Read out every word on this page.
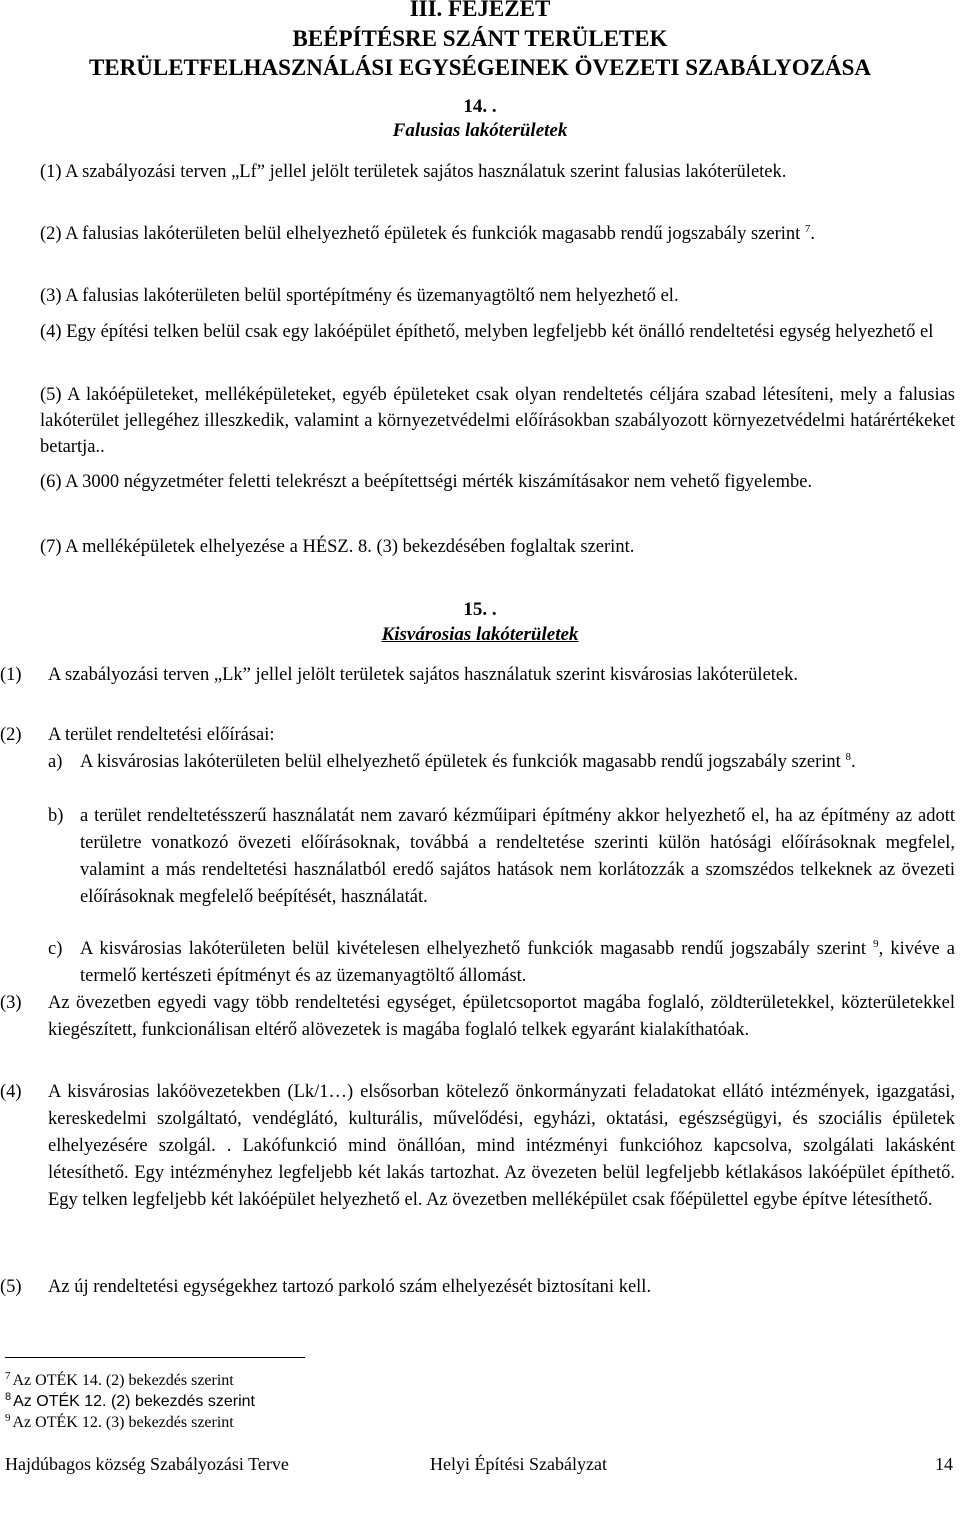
III. FEJEZET
BEÉPÍTÉSRE SZÁNT TERÜLETEK
TERÜLETFELHASZNÁLÁSI EGYSÉGEINEK ÖVEZETI SZABÁLYOZÁSA
14. .
Falusias lakóterületek
(1) A szabályozási terven „Lf” jellel jelölt területek sajátos használatuk szerint falusias lakóterületek.
(2) A falusias lakóterületen belül elhelyezhető épületek és funkciók magasabb rendű jogszabály szerint $^7$.
(3) A falusias lakóterületen belül sportépítmény és üzemanyagtöltő nem helyezhető el.
(4) Egy építési telken belül csak egy lakóépület építhető, melyben legfeljebb két önálló rendeltetési egység helyezhető el
(5) A lakóépületeket, melléképületeket, egyéb épületeket csak olyan rendeltetés céljára szabad létesíteni, mely a falusias lakóterület jellegéhez illeszkedik, valamint a környezetvédelmi előírásokban szabályozott környezetvédelmi határértékeket betartja..
(6) A 3000 négyzetméter feletti telekrészt a beépítettségi mérték kiszámításakor nem vehető figyelembe.
(7) A melléképületek elhelyezése a HÉSZ. 8. (3) bekezdésében foglaltak szerint.
15. .
Kisvárosias lakóterületek
(1)	A szabályozási terven „Lk” jellel jelölt területek sajátos használatuk szerint kisvárosias lakóterületek.
(2)	A terület rendeltetési előírásai:
a) A kisvárosias lakóterületen belül elhelyezhető épületek és funkciók magasabb rendű jogszabály szerint $^8$.
b) a terület rendeltetésszerű használatát nem zavaró kézműipari építmény akkor helyezhető el, ha az építmény az adott területre vonatkozó övezeti előírásoknak, továbbá a rendeltetése szerinti külön hatósági előírásoknak megfelel, valamint a más rendeltetési használatból eredő sajátos hatások nem korlátozzák a szomszédos telkeknek az övezeti előírásoknak megfelelő beépítését, használatát.
c) A kisvárosias lakóterületen belül kivételesen elhelyezhető funkciók magasabb rendű jogszabály szerint $^9$, kivéve a termelő kertészeti építményt és az üzemanyagtöltő állomást.
(3)	Az övezetben egyedi vagy több rendeltetési egységet, épületcsoportot magába foglaló, zöldterületekkel, közterületekkel kiegészített, funkcionálisan eltérő alövezetek is magába foglaló telkek egyaránt kialakíthatóak.
(4)	A kisvárosias lakóövezetekben (Lk/1…) elsősorban kötelező önkormányzati feladatokat ellátó intézmények, igazgatási, kereskedelmi szolgáltató, vendéglátó, kulturális, művelődési, egyházi, oktatási, egészségügyi, és szociális épületek elhelyezésére szolgál. . Lakófunkció mind önállóan, mind intézményi funkcióhoz kapcsolva, szolgálati lakásként létesíthető. Egy intézményhez legfeljebb két lakás tartozhat. Az övezeten belül legfeljebb kétlakásos lakóépület építhető. Egy telken legfeljebb két lakóépület helyezhető el. Az övezetben melléképület csak főépülettel egybe építve létesíthető.
(5)	Az új rendeltetési egységekhez tartozó parkoló szám elhelyezését biztosítani kell.
$^7$ Az OTÉK 14. (2) bekezdés szerint
$^8$ Az OTÉK 12. (2) bekezdés szerint
$^9$ Az OTÉK 12. (3) bekezdés szerint
Hajdúbagos község Szabályozási Terve	Helyi Építési Szabályzat	14
